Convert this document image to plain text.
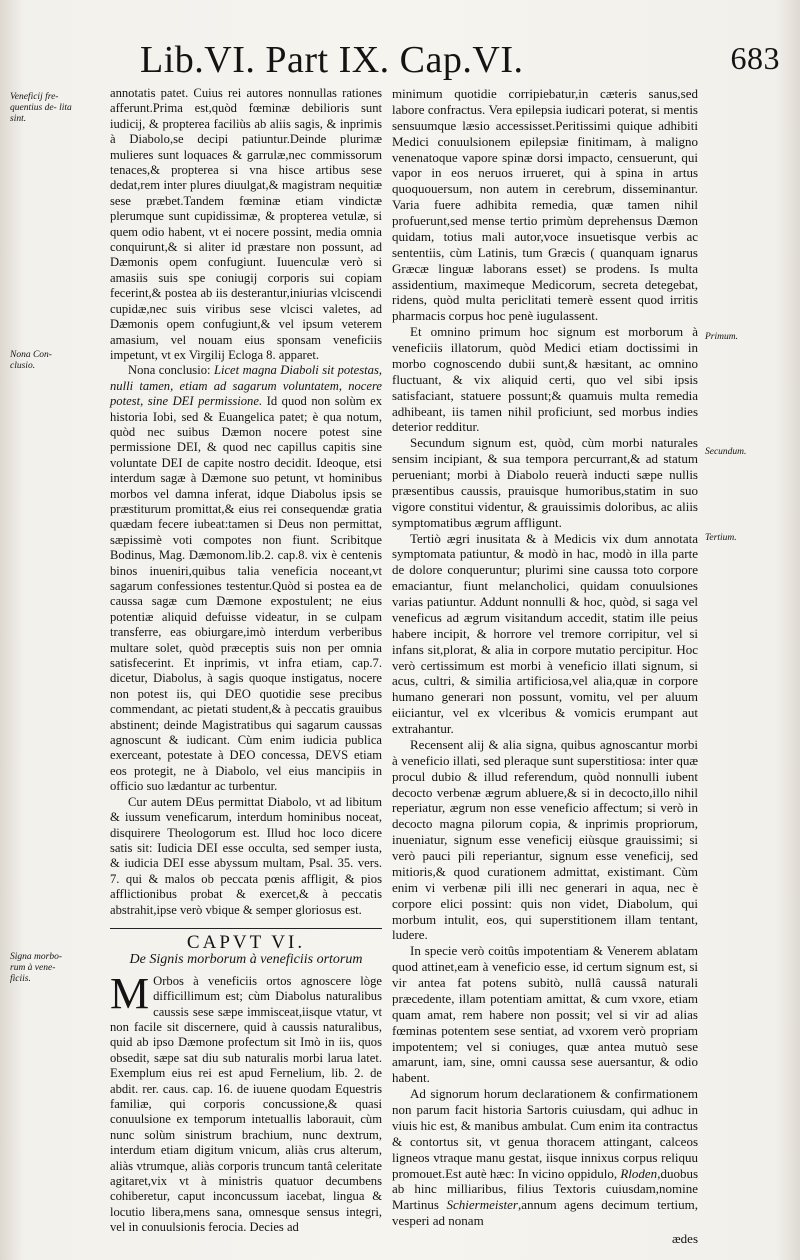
Lib.VI. Part IX. Cap.VI.	683
Veneficij fre- quentius de- lita sint.
Nona Con- clusio.
Signa morbo- rum à vene- ficiis.
Primum.
Secundum.
Tertium.

annotatis patet. Cuius rei autores nonnullas rationes afferunt.Prima est,quòd fœminæ debilioris sunt iudicij, & propterea faciliùs ab aliis sagis, & inprimis à Diabolo,se decipi patiuntur.Deinde plurimæ mulieres sunt loquaces & garrulæ,nec commissorum tenaces,& propterea si vna hisce artibus sese dedat,rem inter plures diuulgat,& magistram nequitiæ sese præbet.Tandem fœminæ etiam vindictæ plerumque sunt cupidissimæ, & propterea vetulæ, si quem odio habent, vt ei nocere possint, media omnia conquirunt,& si aliter id præstare non possunt, ad Dæmonis opem confugiunt. Iuuenculæ verò si amasiis suis spe coniugij corporis sui copiam fecerint,& postea ab iis desterantur,iniurias vlciscendi cupidæ,nec suis viribus sese vlcisci valetes, ad Dæmonis opem confugiunt,& vel ipsum veterem amasium, vel nouam eius sponsam veneficiis impetunt, vt ex Virgilij Ecloga 8. apparet.

Nona conclusio: Licet magna Diaboli sit potestas, nulli tamen, etiam ad sagarum voluntatem, nocere potest, sine DEI permissione. Id quod non solùm ex historia Iobi, sed & Euangelica patet; è qua notum, quòd nec suibus Dæmon nocere potest sine permissione DEI, & quod nec capillus capitis sine voluntate DEI de capite nostro decidit. Ideoque, etsi interdum sagæ à Dæmone suo petunt, vt hominibus morbos vel damna inferat, idque Diabolus ipsis se præstiturum promittat,& eius rei consequendæ gratia quædam fecere iubeat:tamen si Deus non permittat, sæpissimè voti compotes non fiunt. Scribitque Bodinus, Mag. Dæmonom.lib.2. cap.8. vix è centenis binos inueniri,quibus talia veneficia noceant,vt sagarum confessiones testentur.Quòd si postea ea de caussa sagæ cum Dæmone expostulent; ne eius potentiæ aliquid defuisse videatur, in se culpam transferre, eas obiurgare,imò interdum verberibus multare solet, quòd præceptis suis non per omnia satisfecerint. Et inprimis, vt infra etiam, cap.7. dicetur, Diabolus, à sagis quoque instigatus, nocere non potest iis, qui DEO quotidie sese precibus commendant, ac pietati student,& à peccatis grauibus abstinent; deinde Magistratibus qui sagarum caussas agnoscunt & iudicant. Cùm enim iudicia publica exerceant, potestate à DEO concessa, DEVS etiam eos protegit, ne à Diabolo, vel eius mancipiis in officio suo lædantur ac turbentur.

Cur autem DEus permittat Diabolo, vt ad libitum & iussum veneficarum, interdum hominibus noceat, disquirere Theologorum est. Illud hoc loco dicere satis sit: Iudicia DEI esse occulta, sed semper iusta, & iudicia DEI esse abyssum multam, Psal. 35. vers. 7. qui & malos ob peccata pœnis affligit, & pios afflictionibus probat & exercet,& à peccatis abstrahit,ipse verò vbique & semper gloriosus est.

CAPVT VI.
De Signis morborum à veneficiis ortorum

M Orbos à veneficiis ortos agnoscere lòge difficillimum est; cùm Diabolus naturalibus caussis sese sæpe immisceat,iisque vtatur, vt non facile sit discernere, quid à caussis naturalibus, quid ab ipso Dæmone profectum sit Imò in iis, quos obsedit, sæpe sat diu sub naturalis morbi larua latet. Exemplum eius rei est apud Fernelium, lib. 2. de abdit. rer. caus. cap. 16. de iuuene quodam Equestris familiæ, qui corporis concussione,& quasi conuulsione ex temporum intetuallis laborauit, cùm nunc solùm sinistrum brachium, nunc dextrum, interdum etiam digitum vnicum, aliàs crus alterum, aliàs vtrumque, aliàs corporis truncum tantâ celeritate agitaret,vix vt à ministris quatuor decumbens cohiberetur, caput inconcussum iacebat, lingua & locutio libera,mens sana, omnesque sensus integri, vel in conuulsionis ferocia. Decies ad

minimum quotidie corripiebatur,in cæteris sanus,sed labore confractus. Vera epilepsia iudicari poterat, si mentis sensuumque læsio accessisset.Peritissimi quique adhibiti Medici conuulsionem epilepsiæ finitimam, à maligno venenatoque vapore spinæ dorsi impacto, censuerunt, qui vapor in eos neruos irrueret, qui à spina in artus quoquouersum, non autem in cerebrum, disseminantur. Varia fuere adhibita remedia, quæ tamen nihil profuerunt,sed mense tertio primùm deprehensus Dæmon quidam, totius mali autor,voce insuetisque verbis ac sententiis, cùm Latinis, tum Græcis ( quanquam ignarus Græcæ linguæ laborans esset) se prodens. Is multa assidentium, maximeque Medicorum, secreta detegebat, ridens, quòd multa periclitati temerè essent quod irritis pharmacis corpus hoc penè iugulassent.

Et omnino primum hoc signum est morborum à veneficiis illatorum, quòd Medici etiam doctissimi in morbo cognoscendo dubii sunt,& hæsitant, ac omnino fluctuant, & vix aliquid certi, quo vel sibi ipsis satisfaciant, statuere possunt;& quamuis multa remedia adhibeant, iis tamen nihil proficiunt, sed morbus indies deterior redditur.

Secundum signum est, quòd, cùm morbi naturales sensim incipiant, & sua tempora percurrant,& ad statum perueniant; morbi à Diabolo reuerà inducti sæpe nullis præsentibus caussis, prauisque humoribus,statim in suo vigore constitui videntur, & grauissimis doloribus, ac aliis symptomatibus ægrum affligunt.

Tertiò ægri inusitata & à Medicis vix dum annotata symptomata patiuntur, & modò in hac, modò in illa parte de dolore conqueruntur; plurimi sine caussa toto corpore emaciantur, fiunt melancholici, quidam conuulsiones varias patiuntur. Addunt nonnulli & hoc, quòd, si saga vel veneficus ad ægrum visitandum accedit, statim ille peius habere incipit, & horrore vel tremore corripitur, vel si infans sit,plorat, & alia in corpore mutatio percipitur. Hoc verò certissimum est morbi à veneficio illati signum, si acus, cultri, & similia artificiosa,vel alia,quæ in corpore humano generari non possunt, vomitu, vel per aluum eiiciantur, vel ex vlceribus & vomicis erumpant aut extrahantur.

Recensent alij & alia signa, quibus agnoscantur morbi à veneficio illati, sed pleraque sunt superstitiosa: inter quæ procul dubio & illud referendum, quòd nonnulli iubent decocto verbenæ ægrum abluere,& si in decocto,illo nihil reperiatur, ægrum non esse veneficio affectum; si verò in decocto magna pilorum copia, & inprimis propriorum, inueniatur, signum esse veneficij eiùsque grauissimi; si verò pauci pili reperiantur, signum esse veneficij, sed mitioris,& quod curationem admittat, existimant. Cùm enim vi verbenæ pili illi nec generari in aqua, nec è corpore elici possint: quis non videt, Diabolum, qui morbum intulit, eos, qui superstitionem illam tentant, ludere.

In specie verò coitûs impotentiam & Venerem ablatam quod attinet,eam à veneficio esse, id certum signum est, si vir antea fat potens subitò, nullâ caussâ naturali præcedente, illam potentiam amittat, & cum vxore, etiam quam amat, rem habere non possit; vel si vir ad alias fœminas potentem sese sentiat, ad vxorem verò propriam impotentem; vel si coniuges, quæ antea mutuò sese amarunt, iam, sine, omni caussa sese auersantur, & odio habent.

Ad signorum horum declarationem & confirmationem non parum facit historia Sartoris cuiusdam, qui adhuc in viuis hic est, & manibus ambulat. Cum enim ita contractus & contortus sit, vt genua thoracem attingant, calceos ligneos vtraque manu gestat, iisque innixus corpus reliquu promouet.Est autè hæc: In vicino oppidulo, Rloden,duobus ab hinc milliaribus, filius Textoris cuiusdam,nomine Martinus Schiermeister,annum agens decimum tertium, vesperi ad nonam

ædes
